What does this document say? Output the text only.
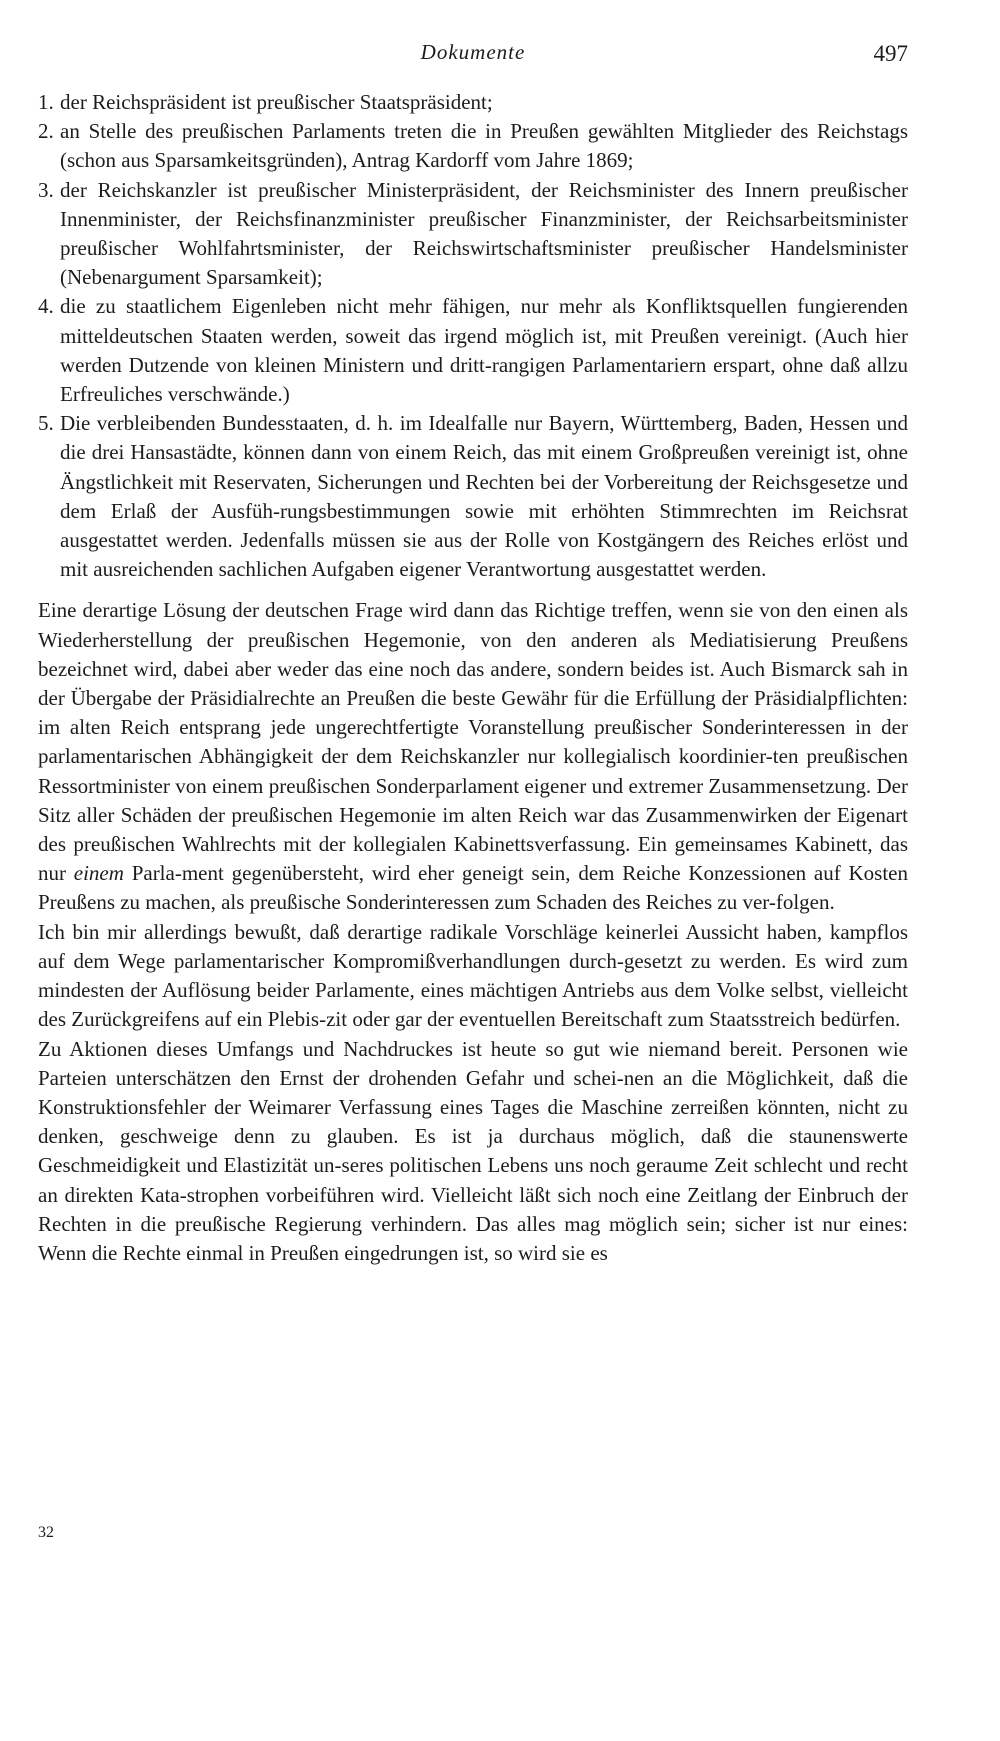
Dokumente	497
1. der Reichspräsident ist preußischer Staatspräsident;
2. an Stelle des preußischen Parlaments treten die in Preußen gewählten Mitglieder des Reichstags (schon aus Sparsamkeitsgründen), Antrag Kardorff vom Jahre 1869;
3. der Reichskanzler ist preußischer Ministerpräsident, der Reichsminister des Innern preußischer Innenminister, der Reichsfinanzminister preußischer Finanzminister, der Reichsarbeitsminister preußischer Wohlfahrtsminister, der Reichswirtschaftsminister preußischer Handelsminister (Nebenargument Sparsamkeit);
4. die zu staatlichem Eigenleben nicht mehr fähigen, nur mehr als Konfliktsquellen fungierenden mitteldeutschen Staaten werden, soweit das irgend möglich ist, mit Preußen vereinigt. (Auch hier werden Dutzende von kleinen Ministern und dritt-rangigen Parlamentariern erspart, ohne daß allzu Erfreuliches verschwände.)
5. Die verbleibenden Bundesstaaten, d. h. im Idealfalle nur Bayern, Württemberg, Baden, Hessen und die drei Hansastädte, können dann von einem Reich, das mit einem Großpreußen vereinigt ist, ohne Ängstlichkeit mit Reservaten, Sicherungen und Rechten bei der Vorbereitung der Reichsgesetze und dem Erlaß der Ausfüh-rungsbestimmungen sowie mit erhöhten Stimmrechten im Reichsrat ausgestattet werden. Jedenfalls müssen sie aus der Rolle von Kostgängern des Reiches erlöst und mit ausreichenden sachlichen Aufgaben eigener Verantwortung ausgestattet werden.

Eine derartige Lösung der deutschen Frage wird dann das Richtige treffen, wenn sie von den einen als Wiederherstellung der preußischen Hegemonie, von den anderen als Mediatisierung Preußens bezeichnet wird, dabei aber weder das eine noch das andere, sondern beides ist. Auch Bismarck sah in der Übergabe der Präsidialrechte an Preußen die beste Gewähr für die Erfüllung der Präsidialpflichten: im alten Reich entsprang jede ungerechtfertigte Voranstellung preußischer Sonderinteressen in der parlamentarischen Abhängigkeit der dem Reichskanzler nur kollegialisch koordinier-ten preußischen Ressortminister von einem preußischen Sonderparlament eigener und extremer Zusammensetzung. Der Sitz aller Schäden der preußischen Hegemonie im alten Reich war das Zusammenwirken der Eigenart des preußischen Wahlrechts mit der kollegialen Kabinettsverfassung. Ein gemeinsames Kabinett, das nur einem Parla-ment gegenübersteht, wird eher geneigt sein, dem Reiche Konzessionen auf Kosten Preußens zu machen, als preußische Sonderinteressen zum Schaden des Reiches zu ver-folgen.

Ich bin mir allerdings bewußt, daß derartige radikale Vorschläge keinerlei Aussicht haben, kampflos auf dem Wege parlamentarischer Kompromißverhandlungen durch-gesetzt zu werden. Es wird zum mindesten der Auflösung beider Parlamente, eines mächtigen Antriebs aus dem Volke selbst, vielleicht des Zurückgreifens auf ein Plebis-zit oder gar der eventuellen Bereitschaft zum Staatsstreich bedürfen.

Zu Aktionen dieses Umfangs und Nachdruckes ist heute so gut wie niemand bereit. Personen wie Parteien unterschätzen den Ernst der drohenden Gefahr und schei-nen an die Möglichkeit, daß die Konstruktionsfehler der Weimarer Verfassung eines Tages die Maschine zerreißen könnten, nicht zu denken, geschweige denn zu glauben. Es ist ja durchaus möglich, daß die staunenswerte Geschmeidigkeit und Elastizität un-seres politischen Lebens uns noch geraume Zeit schlecht und recht an direkten Kata-strophen vorbeiführen wird. Vielleicht läßt sich noch eine Zeitlang der Einbruch der Rechten in die preußische Regierung verhindern. Das alles mag möglich sein; sicher ist nur eines: Wenn die Rechte einmal in Preußen eingedrungen ist, so wird sie es

32
